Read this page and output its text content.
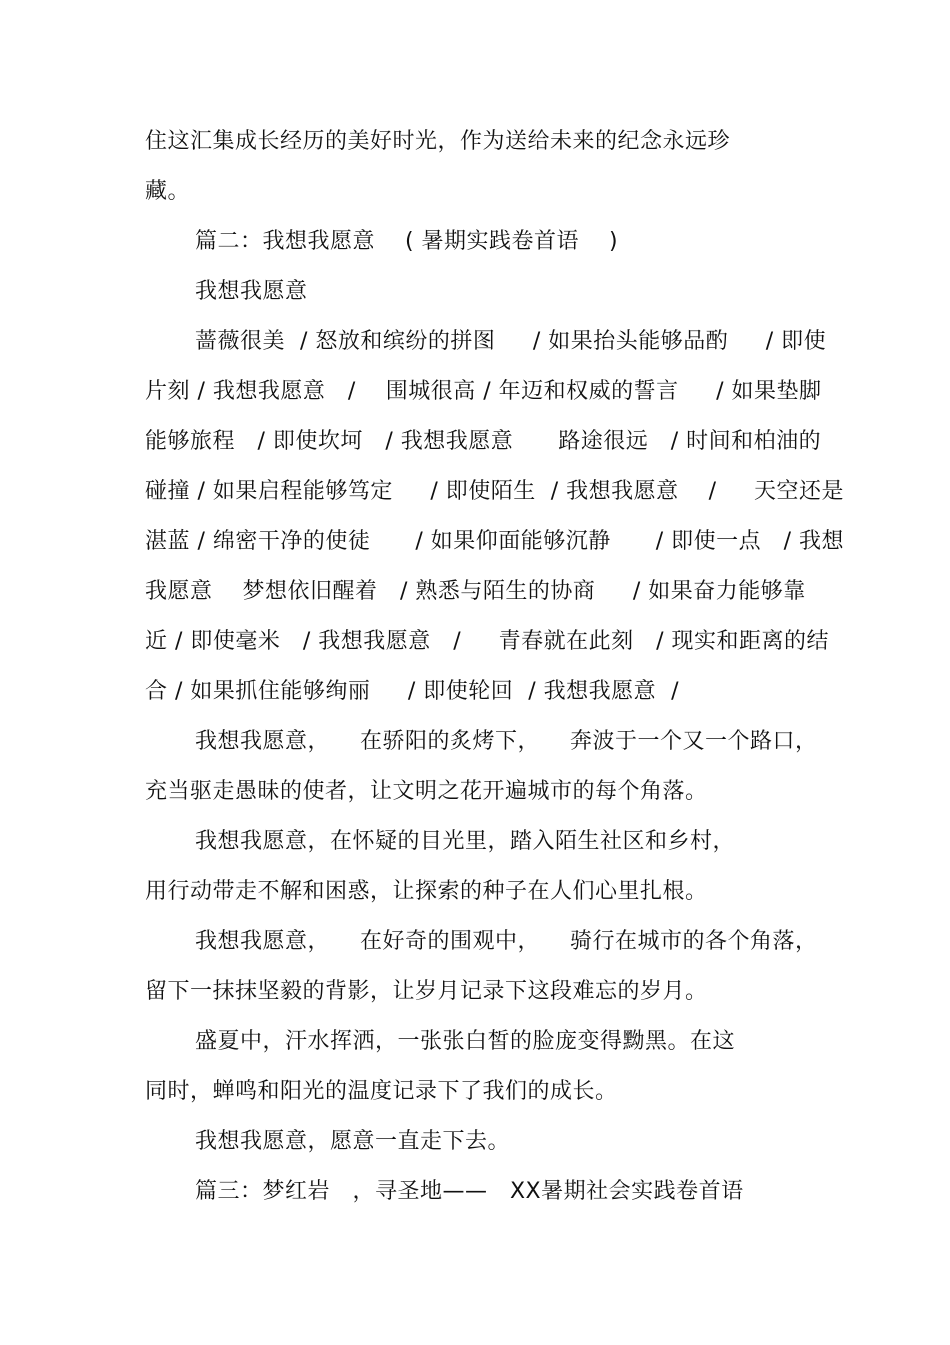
住这汇集成长经历的美好时光，作为送给未来的纪念永远珍
藏。
篇二：我想我愿意    ( 暑期实践卷首语    )
我想我愿意
蔷薇很美  / 怒放和缤纷的拼图     / 如果抬头能够品酌     / 即使
片刻 / 我想我愿意   /    围城很高 / 年迈和权威的誓言     / 如果垫脚
能够旅程   / 即使坎坷   / 我想我愿意      路途很远   / 时间和柏油的
碰撞 / 如果启程能够笃定     / 即使陌生  / 我想我愿意    /     天空还是
湛蓝 / 绵密干净的使徒      / 如果仰面能够沉静      / 即使一点   / 我想
我愿意    梦想依旧醒着   / 熟悉与陌生的协商     / 如果奋力能够靠
近 / 即使毫米   / 我想我愿意   /     青春就在此刻   / 现实和距离的结
合 / 如果抓住能够绚丽     / 即使轮回  / 我想我愿意  /
我想我愿意，    在骄阳的炙烤下，    奔波于一个又一个路口，
充当驱走愚昧的使者，让文明之花开遍城市的每个角落。
我想我愿意，在怀疑的目光里，踏入陌生社区和乡村，
用行动带走不解和困惑，让探索的种子在人们心里扎根。
我想我愿意，    在好奇的围观中，    骑行在城市的各个角落，
留下一抹抹坚毅的背影，让岁月记录下这段难忘的岁月。
盛夏中，汗水挥洒，一张张白皙的脸庞变得黝黑。在这
同时，蝉鸣和阳光的温度记录下了我们的成长。
我想我愿意，愿意一直走下去。
篇三：梦红岩   ，寻圣地——   XX暑期社会实践卷首语
